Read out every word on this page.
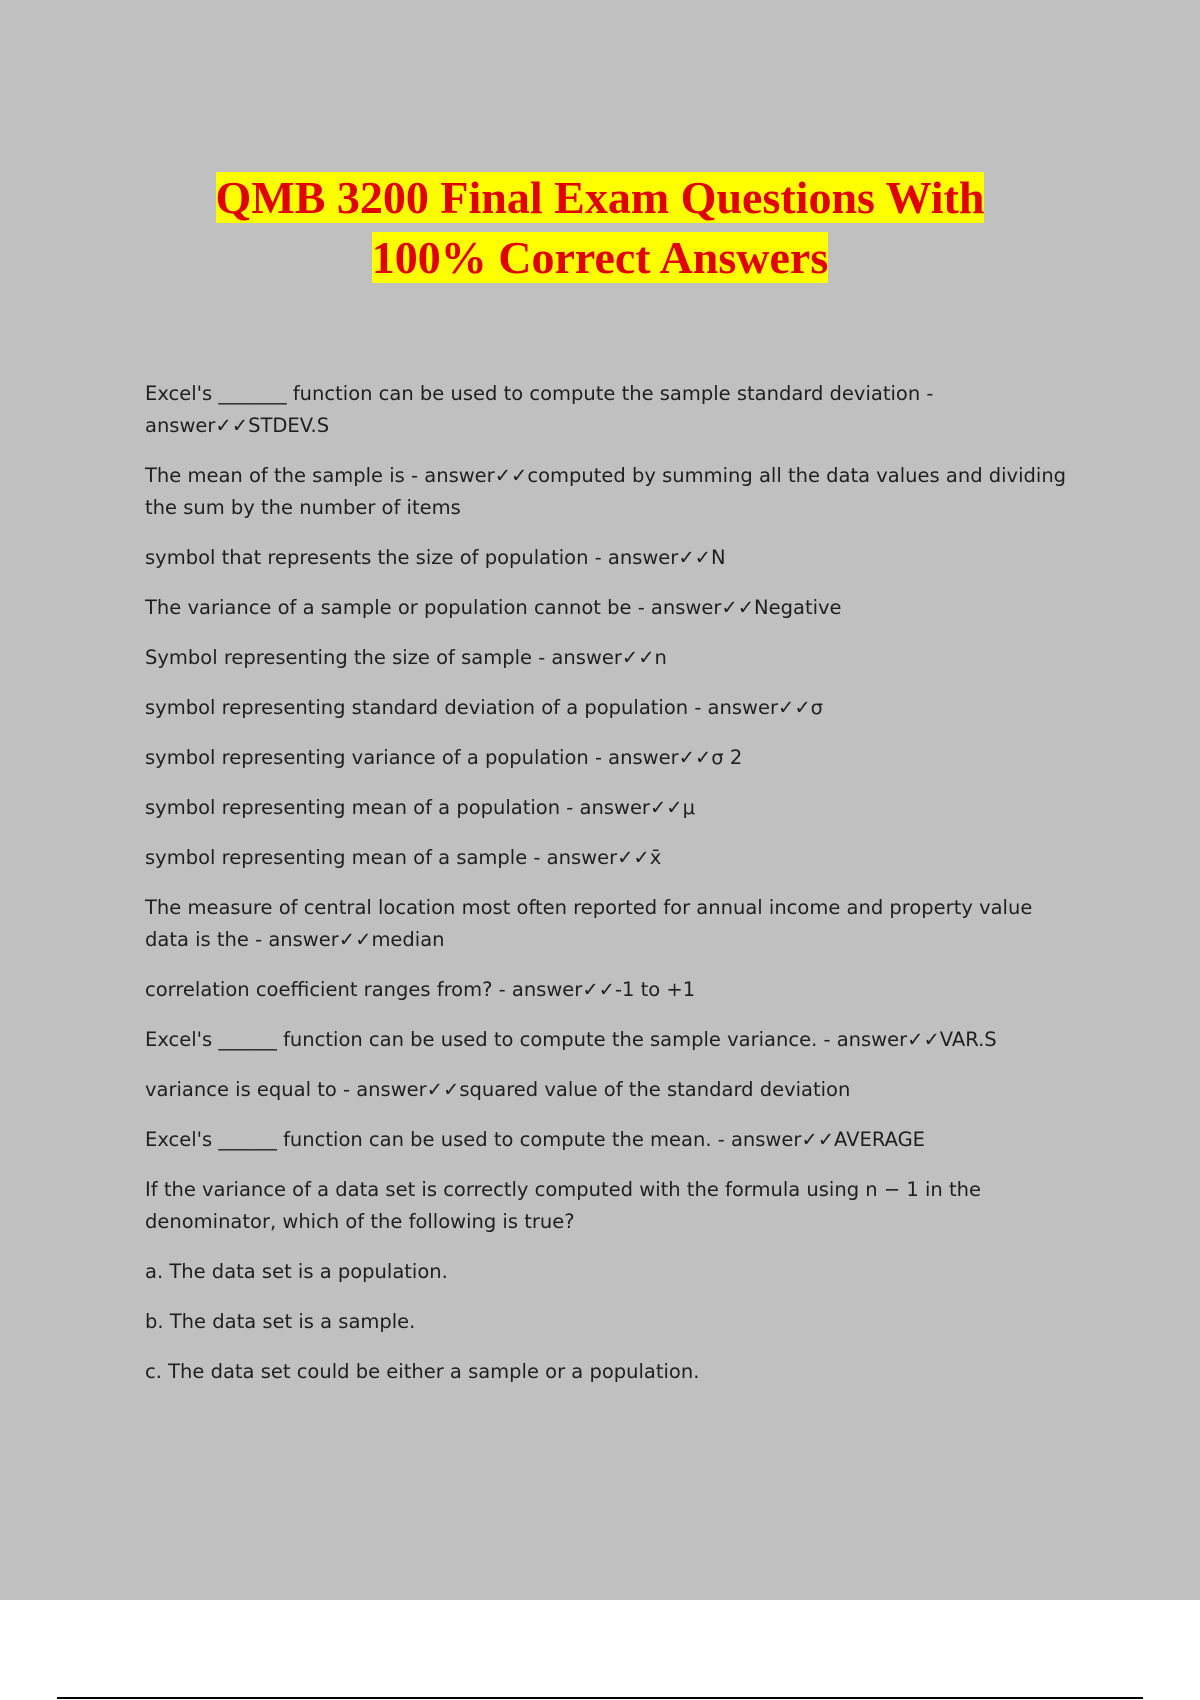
QMB 3200 Final Exam Questions With
100% Correct Answers

Excel's _______ function can be used to compute the sample standard deviation - answer✓✓STDEV.S

The mean of the sample is - answer✓✓computed by summing all the data values and dividing the sum by the number of items

symbol that represents the size of population - answer✓✓N

The variance of a sample or population cannot be - answer✓✓Negative

Symbol representing the size of sample - answer✓✓n

symbol representing standard deviation of a population - answer✓✓σ

symbol representing variance of a population - answer✓✓σ 2

symbol representing mean of a population - answer✓✓μ

symbol representing mean of a sample - answer✓✓x̄

The measure of central location most often reported for annual income and property value data is the - answer✓✓median

correlation coefficient ranges from? - answer✓✓-1 to +1

Excel's ______ function can be used to compute the sample variance. - answer✓✓VAR.S

variance is equal to - answer✓✓squared value of the standard deviation

Excel's ______ function can be used to compute the mean. - answer✓✓AVERAGE

If the variance of a data set is correctly computed with the formula using n − 1 in the denominator, which of the following is true?

a. The data set is a population.

b. The data set is a sample.

c. The data set could be either a sample or a population.
